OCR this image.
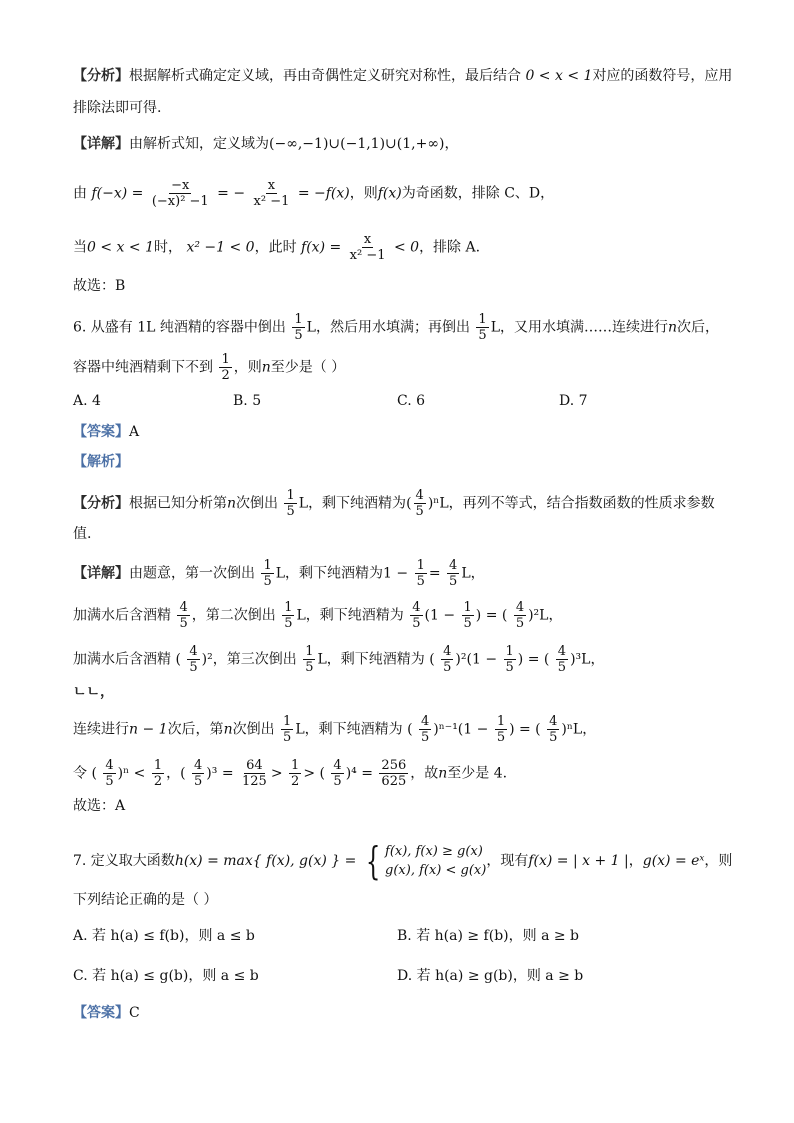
【分析】根据解析式确定定义域，再由奇偶性定义研究对称性，最后结合 0 < x < 1对应的函数符号，应用
排除法即可得.
【详解】由解析式知，定义域为(−∞,−1)∪(−1,1)∪(1,+∞)，
由 $f(-x) = \frac{-x}{\text{(−x)² −1}}$ = − $\frac{x}{\text{x² −1}} = -f(x)$，则f(x)为奇函数，排除 C、D，
当0 < x < 1时， x² −1 < 0，此时 $f(x) = \frac{x}{\text{x² −1}} < 0$，排除 A.
故选：B
6. 从盛有 1L 纯酒精的容器中倒出 $\frac{1}{5}$ L，然后用水填满；再倒出 $\frac{1}{5}$ L，又用水填满……连续进行n次后，
容器中纯酒精剩下不到 $\frac{1}{2}$ ，则n至少是（ ）
A. 4	B. 5	C. 6	D. 7
【答案】A
【解析】
【分析】根据已知分析第n次倒出 $\frac{1}{5}$ L，剩下纯酒精为( $\frac{4}{5} )^nL$，再列不等式，结合指数函数的性质求参数
值.
【详解】由题意，第一次倒出 $\frac{1}{5}$ L，剩下纯酒精为$1 - \frac{1}{5} = \frac{4}{5}$ L，
加满水后含酒精 $\frac{4}{5}$ ，第二次倒出 $\frac{1}{5}$ L，剩下纯酒精为 $\frac{4}{5} (1 - \frac{1}{5}$ ) = ( $\frac{4}{5} )^2L$，
加满水后含酒精 ( $\frac{4}{5} )^2$，第三次倒出 $\frac{1}{5}$ L，剩下纯酒精为 ( $\frac{4}{5} )^2(1 - \frac{1}{5}$ ) = ( $\frac{4}{5} )^3L$，
ㄴㄴ，
连续进行n − 1次后，第n次倒出 $\frac{1}{5}$ L，剩下纯酒精为 ( $\frac{4}{5} )^{n-1}(1 - \frac{1}{5}$ ) = ( $\frac{4}{5} )^nL$，
令 ( $\frac{4}{5} )^n < \frac{1}{2}$ ，( $\frac{4}{5} )^3 = \frac{64}{125} > \frac{1}{2}$ > ( $\frac{4}{5} )^4 = \frac{256}{625}$ ，故n至少是 4.
故选：A
7. 定义取大函数h(x) = max{ f(x), g(x) } = { f(x), f(x) ≥ g(x)
g(x), f(x) < g(x)
，现有f(x) = | x + 1 |，g(x) = eˣ，则
下列结论正确的是（ ）
A. 若 h(a) ≤ f(b)，则 a ≤ b	B. 若 h(a) ≥ f(b)，则 a ≥ b
C. 若 h(a) ≤ g(b)，则 a ≤ b	D. 若 h(a) ≥ g(b)，则 a ≥ b
【答案】C
